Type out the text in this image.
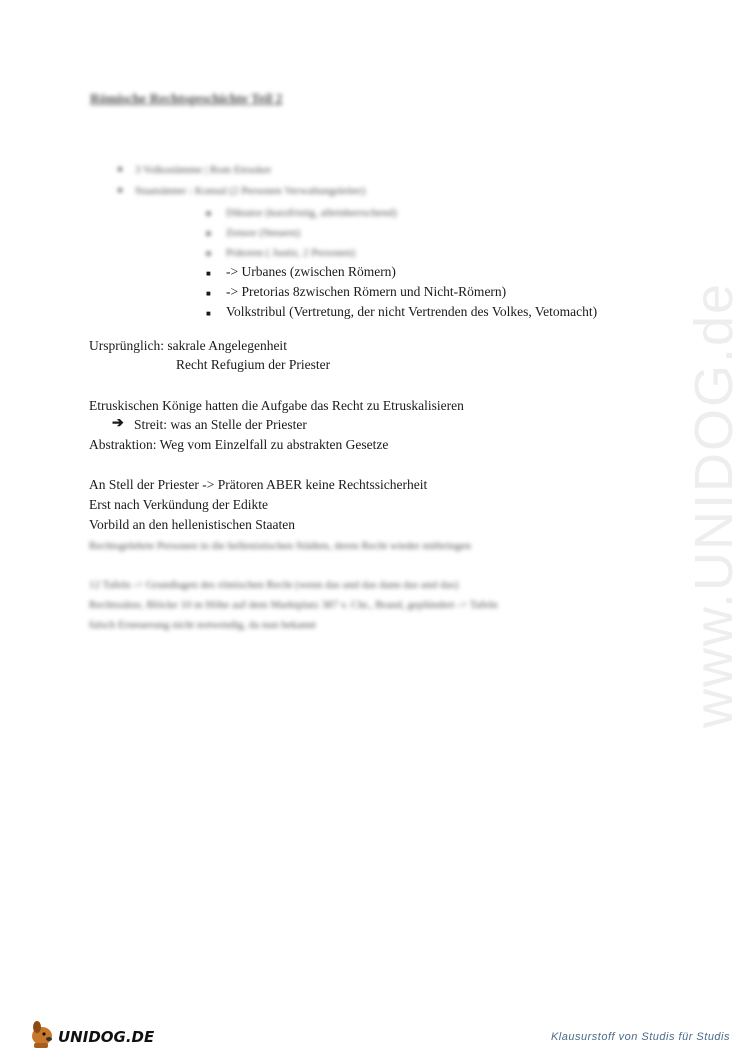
www.UNIDOG.de
Römische Rechtsgeschichte Teil 2
● 3 Volksstämme | Rom Etrusker
● Staatsämter : Konsul (2 Personen Verwaltungsleiter)
■ Diktator (kurzfristig, alleinherrschend)
■ Zensor (Steuern)
■ Prätoren ( Justiz, 2 Personen)
■ -> Urbanes (zwischen Römern)
■ -> Pretorias 8zwischen Römern und Nicht-Römern)
■ Volkstribul (Vertretung, der nicht Vertrenden des Volkes, Vetomacht)
Ursprünglich: sakrale Angelegenheit
Recht Refugium der Priester
Etruskischen Könige hatten die Aufgabe das Recht zu Etruskalisieren
➔ Streit: was an Stelle der Priester
Abstraktion: Weg vom Einzelfall zu abstrakten Gesetze
An Stell der Priester -> Prätoren ABER keine Rechtssicherheit
Erst nach Verkündung der Edikte
Vorbild an den hellenistischen Staaten
Rechtsgelehrte Personen in die hellenistischen Städten, deren Recht wieder mitbringen
12 Tafeln -> Grundlagen des römischen Recht (wenn das und das dann das und das)
Rechtssätze, Blöcke 10 m Höhe auf dem Marktplatz 387 v. Chr., Brand, geplündert -> Tafeln
falsch Erneuerung nicht notwendig, da nun bekannt
UNIDOG.DE	Klausurstoff von Studis für Studis
